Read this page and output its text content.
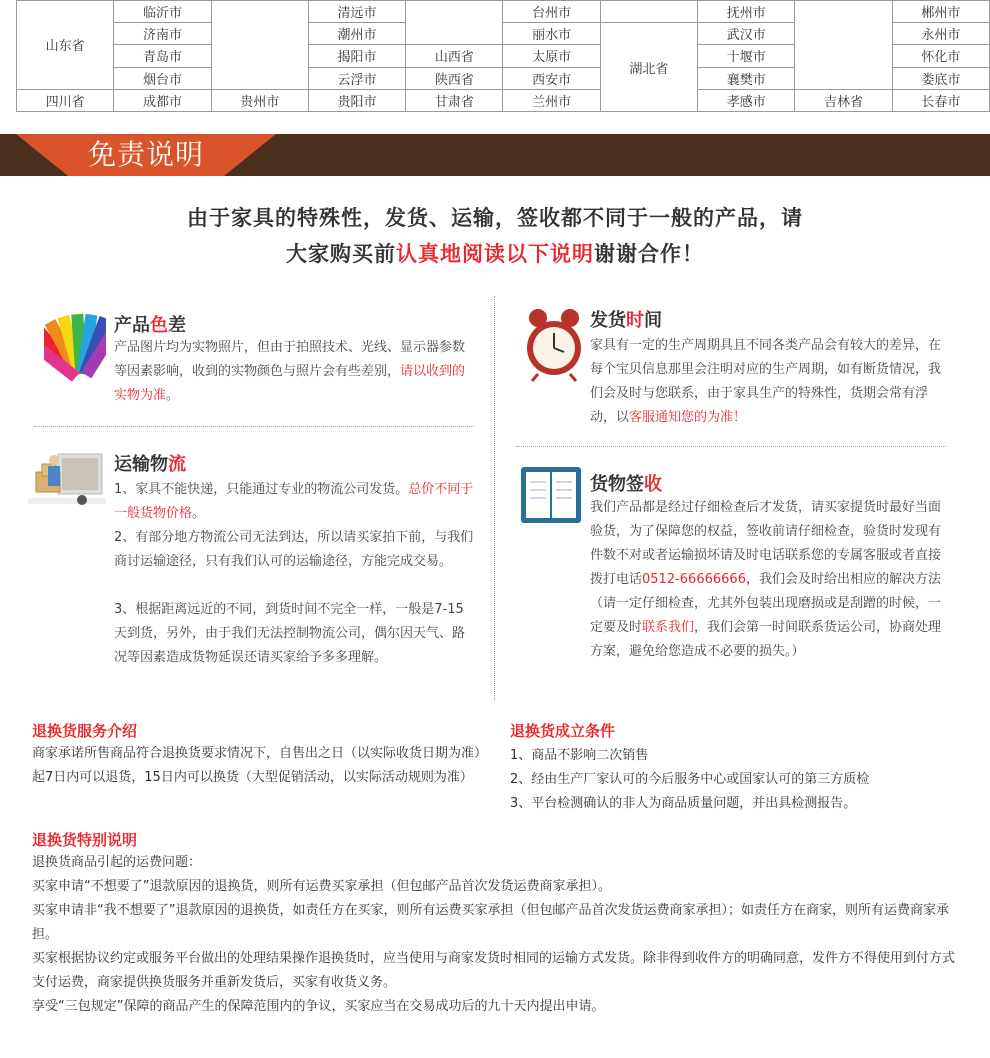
山东省	临沂市		清远市		台州市		抚州市		郴州市
	济南市		潮州市		丽水市	湖北省	武汉市		永州市
	青岛市		揭阳市	山西省	太原市		十堰市		怀化市
	烟台市		云浮市	陕西省	西安市		襄樊市		娄底市
四川省	成都市	贵州市	贵阳市	甘肃省	兰州市		孝感市	吉林省	长春市
免责说明
由于家具的特殊性，发货、运输，签收都不同于一般的产品，请
大家购买前认真地阅读以下说明谢谢合作！
产品色差
产品图片均为实物照片，但由于拍照技术、光线、显示器参数等因素影响，收到的实物颜色与照片会有些差别，请以收到的实物为准。
运输物流
1、家具不能快递，只能通过专业的物流公司发货。总价不同于一般货物价格。
2、有部分地方物流公司无法到达，所以请买家拍下前，与我们商讨运输途径，只有我们认可的运输途径，方能完成交易。
3、根据距离远近的不同，到货时间不完全一样，一般是7-15天到货，另外，由于我们无法控制物流公司，偶尔因天气、路况等因素造成货物延误还请买家给予多多理解。
发货时间
家具有一定的生产周期具且不同各类产品会有较大的差异，在每个宝贝信息那里会注明对应的生产周期，如有断货情况，我们会及时与您联系，由于家具生产的特殊性，货期会常有浮动，以客服通知您的为准！
货物签收
我们产品都是经过仔细检查后才发货，请买家提货时最好当面验货，为了保障您的权益，签收前请仔细检查，验货时发现有件数不对或者运输损坏请及时电话联系您的专属客服或者直接拨打电话0512-66666666，我们会及时给出相应的解决方法（请一定仔细检查，尤其外包装出现磨损或是刮蹭的时候，一定要及时联系我们，我们会第一时间联系货运公司，协商处理方案，避免给您造成不必要的损失。）
退换货服务介绍
商家承诺所售商品符合退换货要求情况下，自售出之日（以实际收货日期为准）起7日内可以退货，15日内可以换货（大型促销活动，以实际活动规则为准）
退换货成立条件
1、商品不影响二次销售
2、经由生产厂家认可的今后服务中心或国家认可的第三方质检
3、平台检测确认的非人为商品质量问题，并出具检测报告。
退换货特别说明
退换货商品引起的运费问题：
买家申请“不想要了”退款原因的退换货，则所有运费买家承担（但包邮产品首次发货运费商家承担）。
买家申请非“我不想要了”退款原因的退换货，如责任方在买家，则所有运费买家承担（但包邮产品首次发货运费商家承担）；如责任方在商家，则所有运费商家承担。
买家根据协议约定或服务平台做出的处理结果操作退换货时，应当使用与商家发货时相同的运输方式发货。除非得到收件方的明确同意，发件方不得使用到付方式支付运费，商家提供换货服务并重新发货后，买家有收货义务。
享受“三包规定”保障的商品产生的保障范围内的争议，买家应当在交易成功后的九十天内提出申请。
